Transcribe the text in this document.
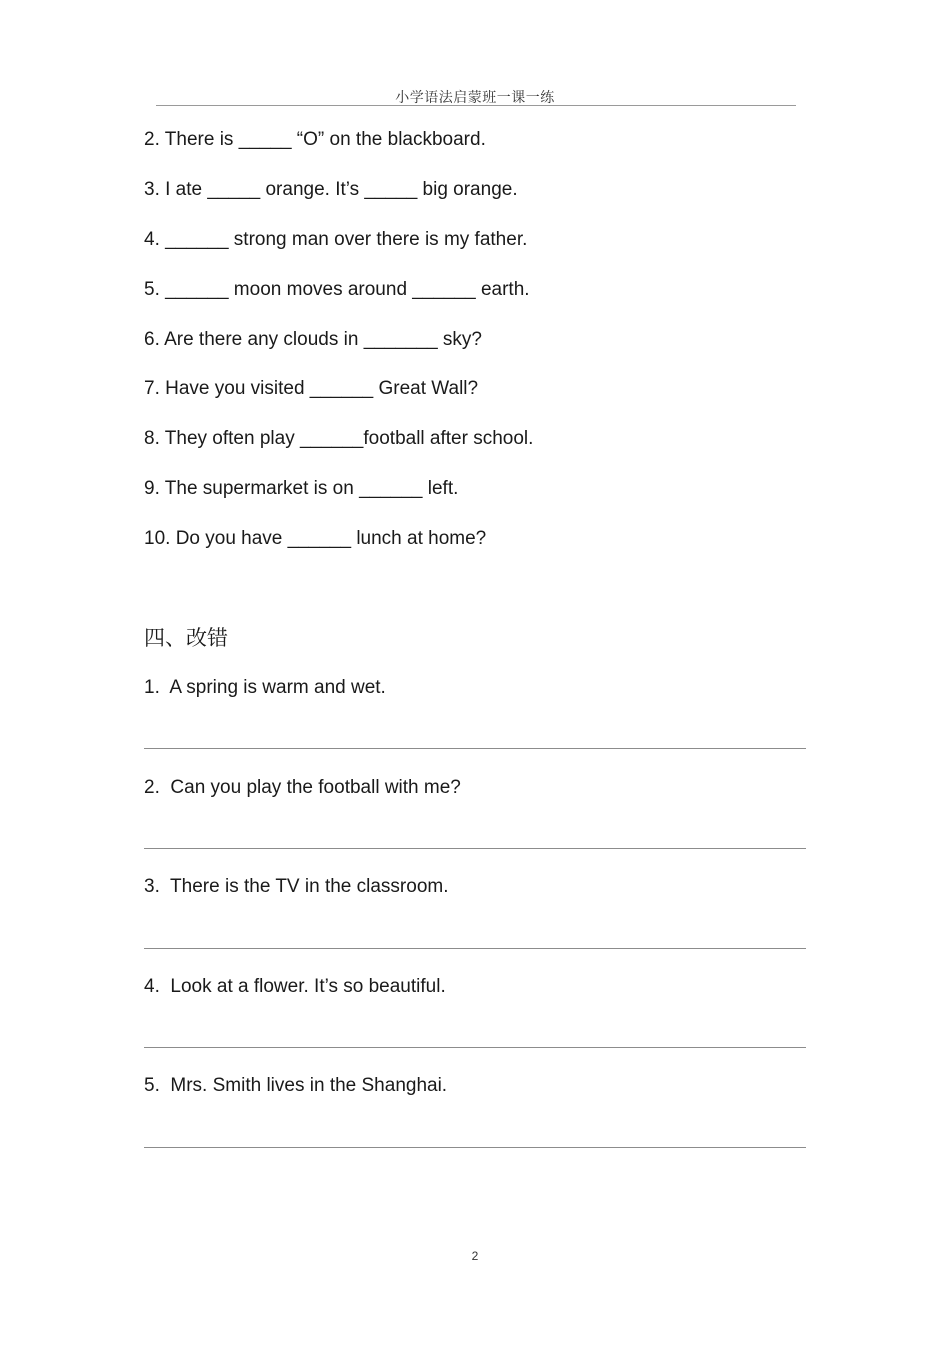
小学语法启蒙班一课一练
2. There is _____ “O” on the blackboard.
3. I ate _____ orange. It’s _____ big orange.
4. ______ strong man over there is my father.
5. ______ moon moves around ______ earth.
6. Are there any clouds in _______ sky?
7. Have you visited ______ Great Wall?
8. They often play ______football after school.
9. The supermarket is on ______ left.
10. Do you have ______ lunch at home?
四、改错
1.  A spring is warm and wet.
2.  Can you play the football with me?
3.  There is the TV in the classroom.
4.  Look at a flower. It’s so beautiful.
5.  Mrs. Smith lives in the Shanghai.
2
